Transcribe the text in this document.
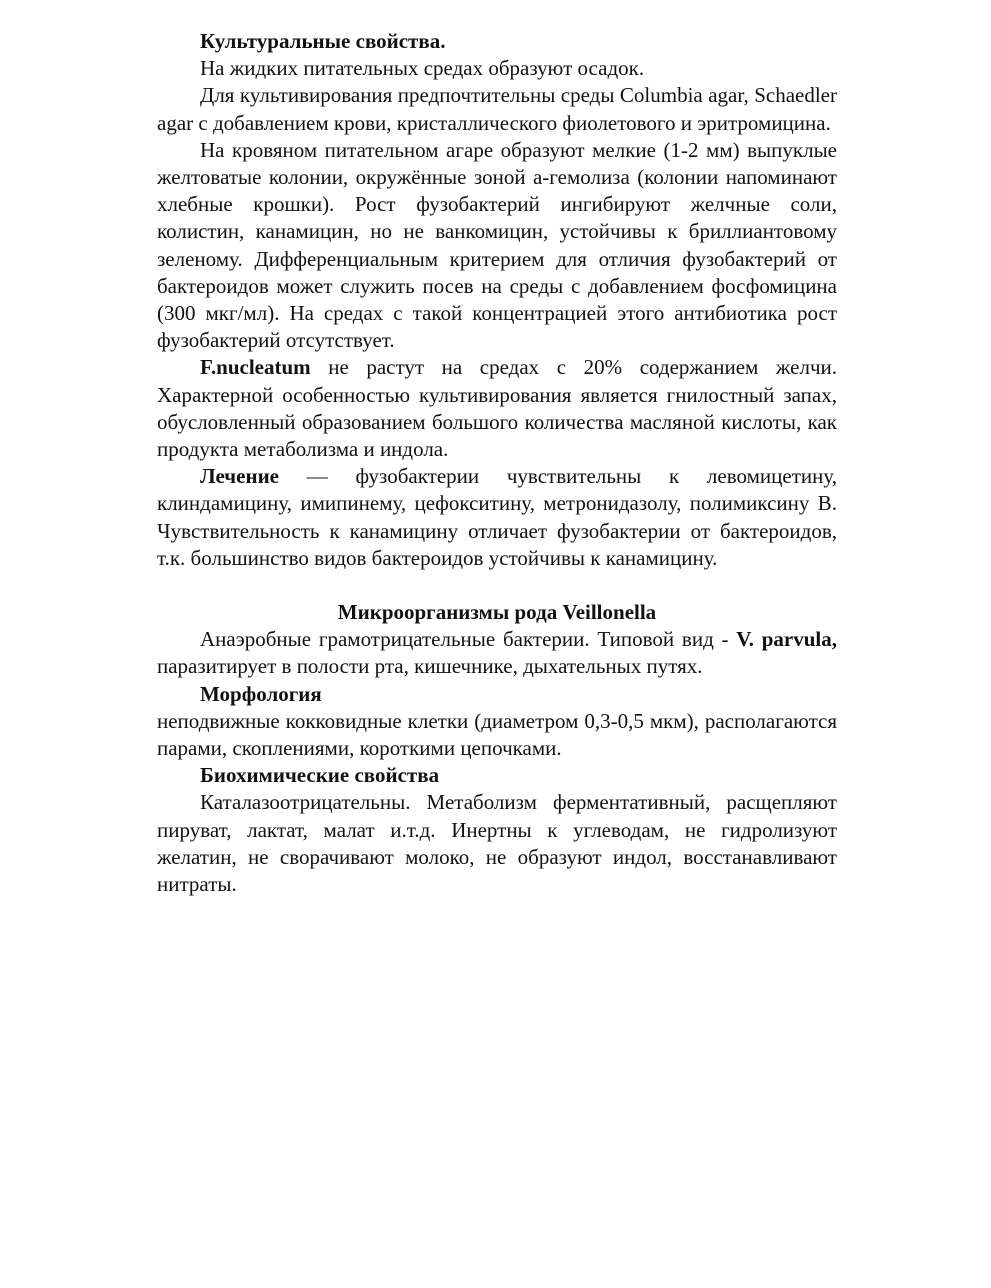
Культуральные свойства.

На жидких питательных средах образуют осадок.

Для культивирования предпочтительны среды Columbia agar, Schaedler agar с добавлением крови, кристаллического фиолетового и эритромицина.

На кровяном питательном агаре образуют мелкие (1-2 мм) выпуклые желтоватые колонии, окружённые зоной а-гемолиза (колонии напоминают хлебные крошки). Рост фузобактерий ингибируют желчные соли, колистин, канамицин, но не ванкомицин, устойчивы к бриллиантовому зеленому. Дифференциальным критерием для отличия фузобактерий от бактероидов может служить посев на среды с добавлением фосфомицина (300 мкг/мл). На средах с такой концентрацией этого антибиотика рост фузобактерий отсутствует.

F.nucleatum не растут на средах с 20% содержанием желчи. Характерной особенностью культивирования является гнилостный запах, обусловленный образованием большого количества масляной кислоты, как продукта метаболизма и индола.

Лечение — фузобактерии чувствительны к левомицетину, клиндамицину, имипинему, цефокситину, метронидазолу, полимиксину В. Чувствительность к канамицину отличает фузобактерии от бактероидов, т.к. большинство видов бактероидов устойчивы к канамицину.

Микроорганизмы рода Veillonella

Анаэробные грамотрицательные бактерии. Типовой вид - V. parvula, паразитирует в полости рта, кишечнике, дыхательных путях.

Морфология

неподвижные кокковидные клетки (диаметром 0,3-0,5 мкм), располагаются парами, скоплениями, короткими цепочками.

Биохимические свойства

Каталазоотрицательны. Метаболизм ферментативный, расщепляют пируват, лактат, малат и.т.д. Инертны к углеводам, не гидролизуют желатин, не сворачивают молоко, не образуют индол, восстанавливают нитраты.
